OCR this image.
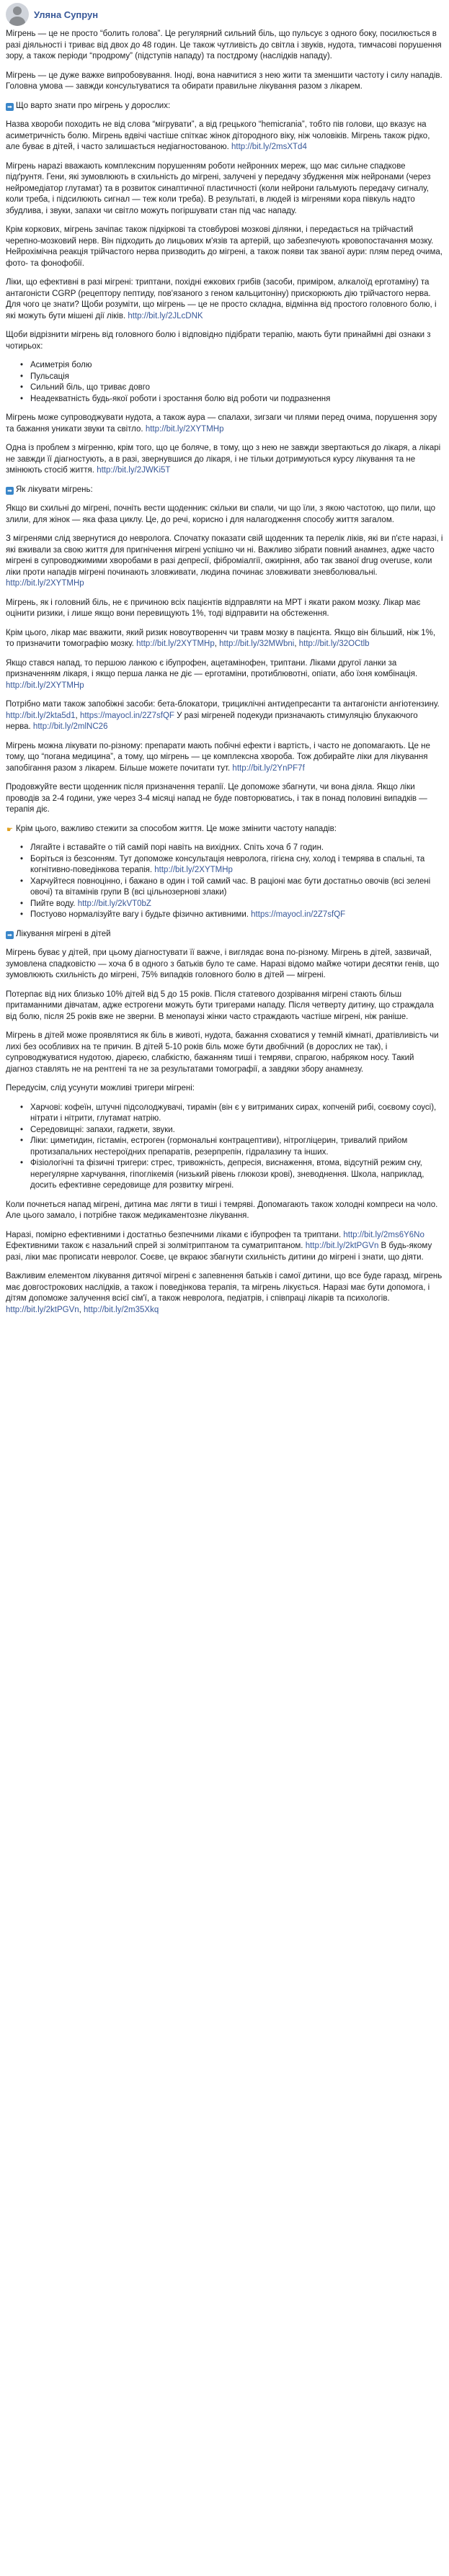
Уляна Супрун

Мігрень — це не просто “болить голова”. Це регулярний сильний біль, що пульсує з одного боку, посилюється в разі діяльності і триває від двох до 48 годин. Це також чутливість до світла і звуків, нудота, тимчасові порушення зору, а також періоди “продрому” (підступів нападу) та постдрому (наслідків нападу).

Мігрень — це дуже важке випробовування. Іноді, вона навчитися з нею жити та зменшити частоту і силу нападів. Головна умова — завжди консультуватися та обирати правильне лікування разом з лікарем.

➡ Що варто знати про мігрень у дорослих:

Назва хвороби походить не від слова “мігрувати”, а від грецького “hemicrania”, тобто пів голови, що вказує на асиметричність болю. Мігрень вдвічі частіше спіткає жінок дітородного віку, ніж чоловіків. Мігрень також рідко, але буває в дітей, і часто залишається недіагностованою. http://bit.ly/2msXTd4

Мігрень нарazi вважають комплексним порушенням роботи нейронних мереж, що має сильне спадкове підґрунтя. Гени, які зумовлюють в схильність до мігрені, залучені у передачу збудження між нейронами (через нейромедіатор глутамат) та в розвиток синаптичної пластичності (коли нейрони гальмують передачу сигналу, коли треба, і підсилюють сигнал — теж коли треба). В результаті, в людей із мігренями кора півкуль надто збудлива, і звуки, запахи чи світло можуть погіршувати стан під час нападу.

Крім коркових, мігрень зачіпає також підкіркові та стовбурові мозкові ділянки, і передається на трійчастий черепно-мозковий нерв. Він підходить до лицьових м'язів та артерій, що забезпечують кровопостачання мозку. Нейрохімічна реакція трійчастого нерва призводить до мігрені, а також появи так званої аури: плям перед очима, фото- та фонофобії.

Ліки, що ефективні в разі мігрені: триптани, похідні ежкових грибів (засоби, приміром, алкалоїд ерготаміну) та антагоністи CGRP (рецептору пептиду, пов'язаного з геном кальцитоніну) прискорюють дію трійчастого нерва. Для чого це знати? Щоби розуміти, що мігрень — це не просто складна, відмінна від простого головного болю, і які можуть бути мішені дії ліків. http://bit.ly/2JLcDNK

Щоби відрізнити мігрень від головного болю і відповідно підібрати терапію, мають бути принаймні дві ознаки з чотирьох:

• Асиметрія болю
• Пульсація
• Сильний біль, що триває довго
• Неадекватність будь-якої роботи і зростання болю від роботи чи подразнення

Мігрень може супроводжувати нудота, а також аура — спалахи, зигзаги чи плями перед очима, порушення зору та бажання уникати звуки та світло. http://bit.ly/2XYTMHp

Одна із проблем з мігренню, крім того, що це боляче, в тому, що з нею не завжди звертаються до лікаря, а лікарі не завжди її діагностують, а в разі, звернувшися до лікаря, і не тільки дотримуються курсу лікування та не змінюють стосіб життя. http://bit.ly/2JWKi5T

➡ Як лікувати мігрень:

Якщо ви схильні до мігрені, почніть вести щоденник: скільки ви спали, чи що їли, з якою частотою, що пили, що злили, для жінок — яка фаза циклу. Це, до речі, корисно і для налагодження способу життя загалом.

З мігренями слід звернутися до невролога. Спочатку показати свій щоденник та перелік ліків, які ви п'єте наразі, і які вживали за свою життя для пригнічення мігрені успішно чи ні. Важливо зібрати повний анамнез, адже часто мігрені в супроводжимими хворобами в разі депресії, фіброміалгії, ожиріння, або так званої drug overuse, коли ліки проти нападів мігрені починають зловживати, людина починає зловживати зневболювальні. http://bit.ly/2XYTMHp

Мігрень, як і головний біль, не є причиною всіх пацієнтів відправляти на МРТ і якати раком мозку. Лікар має оцінити ризики, і лише якщо вони перевищують 1%, тоді відправити на обстеження.

Крім цього, лікар має вважити, який ризик новоутвореннч чи травм мозку в пацієнта. Якщо він більший, ніж 1%, то призначити томографію мозку. http://bit.ly/2XYTMHp, http://bit.ly/32MWbni, http://bit.ly/32OCtlb

Якщо стався напад, то першою ланкою є ібупрофен, ацетамінофен, триптани. Ліками другої ланки за призначенням лікаря, і якщо перша ланка не діє — ерготаміни, протиблювотні, опіати, або їхня комбінація. http://bit.ly/2XYTMHp

Потрібно мати також запобіжні засоби: бета-блокатори, трициклічні антидепресанти та антагоністи ангіотензину. http://bit.ly/2kta5d1, https://mayocl.in/2Z7sfQF У разі мігреней подекуди призначають стимуляцію блукаючого нерва. http://bit.ly/2mlNC26

Мігрень можна лікувати по-різному: препарати мають побічні ефекти і вартість, і часто не допомагають. Це не тому, що “погана медицина”, а тому, що мігрень — це комплексна хвороба. Тож добирайте ліки для лікування запобігання разом з лікарем. Більше можете почитати тут. http://bit.ly/2YnPF7f

Продовжуйте вести щоденник після призначення терапії. Це допоможе збагнути, чи вона діяла. Якщо ліки проводів за 2-4 години, уже через 3-4 місяці напад не буде повторюватись, і так в понад половині випадків — терапія діє.

☛ Крім цього, важливо стежити за способом життя. Це може змінити частоту нападів:

• Лягайте і вставайте о тій самій порі навіть на вихідних. Спіть хоча б 7 годин.
• Боріться із безсонням. Тут допоможе консультація невролога, гігієна сну, холод і темрява в спальні, та когнітивно-поведінкова терапія. http://bit.ly/2XYTMHp
• Харчуйтеся повноцінно, і бажано в один і той самий час. В раціоні має бути достатньо овочів (всі зелені овочі) та вітамінів групи В (всі цільнозернові злаки)
• Пийте воду. http://bit.ly/2kVT0bZ
• Постуово нормалізуйте вагу і будьте фізично активними. https://mayocl.in/2Z7sfQF

➡ Лікування мігрені в дітей

Мігрень буває у дітей, при цьому діагностувати її важче, і виглядає вона по-різному. Мігрень в дітей, зазвичай, зумовлена спадковістю — хоча б в одного з батьків було те саме. Наразі відомо майже чотири десятки генів, що зумовлюють схильність до мігрені, 75% випадків головного болю в дітей — мігрені.

Потерпає від них близько 10% дітей від 5 до 15 років. Після статевого дозрівання мігрені стають більш притаманними дівчатам, адже естрогени можуть бути тригерами нападу. Після четверту дитину, що страждала від болю, після 25 років вже не зверни. В менопаузі жінки часто страждають частіше мігрені, ніж раніше.

Мігрень в дітей може проявлятися як біль в животі, нудота, бажання сховатися у темній кімнаті, дратівливість чи лихі без особливих на те причин. В дітей 5-10 років біль може бути двобічний (в дорослих не так), і супроводжуватися нудотою, діареєю, слабкістю, бажанням тиші і темряви, спрагою, набряком носу. Такий діагноз ставлять не на рентгені та не за результатами томографії, а завдяки збору анамнезу.

Передусім, слід усунути можливі тригери мігрені:

• Харчові: кофеїн, штучні підсолоджувачі, тирамін (він є у витриманих сирах, копченій рибі, соєвому соусі), нітрати і нітрити, глутамат натрію.
• Середовищні: запахи, гаджети, звуки.
• Ліки: циметидин, гістамін, естроген (гормональні контрацептиви), нітрогліцерин, тривалий прийом протизапальних нестероїдних препаратів, резерпрепін, гідралазину та інших.
• Фізіологічні та фізичні тригери: стрес, тривожність, депресія, виснаження, втома, відсутній режим сну, нерегулярне харчування, гіпоглікемія (низький рівень глюкози крові), зневоднення. Школа, наприклад, досить ефективне середовище для розвитку мігрені.

Коли почнеться напад мігрені, дитина має лягти в тиші і темряві. Допомагають також холодні компреси на чоло. Але цього замало, і потрібне також медикаментозне лікування.

Наразі, помірно ефективними і достатньо безпечними ліками є ібупрофен та триптани. http://bit.ly/2ms6Y6No Ефективними також є назальний спрей зі золмітриптаном та суматриптаном. http://bit.ly/2ktPGVn В будь-якому разі, ліки має прописати невролог. Соєве, це вкраює збагнути схильність дитини до мігрені і знати, що діяти.

Важливим елементом лікування дитячої мігрені є запевнення батьків і самої дитини, що все буде гаразд, мігрень має довгострокових наслідків, а також і поведінкова терапія, та мігрень лікується. Наразі має бути допомога, і дітям допоможе залучення всієї сім'ї, а також невролога, педіатрів, і співпраці лікарів та психологів. http://bit.ly/2ktPGVn, http://bit.ly/2m35Xkq
